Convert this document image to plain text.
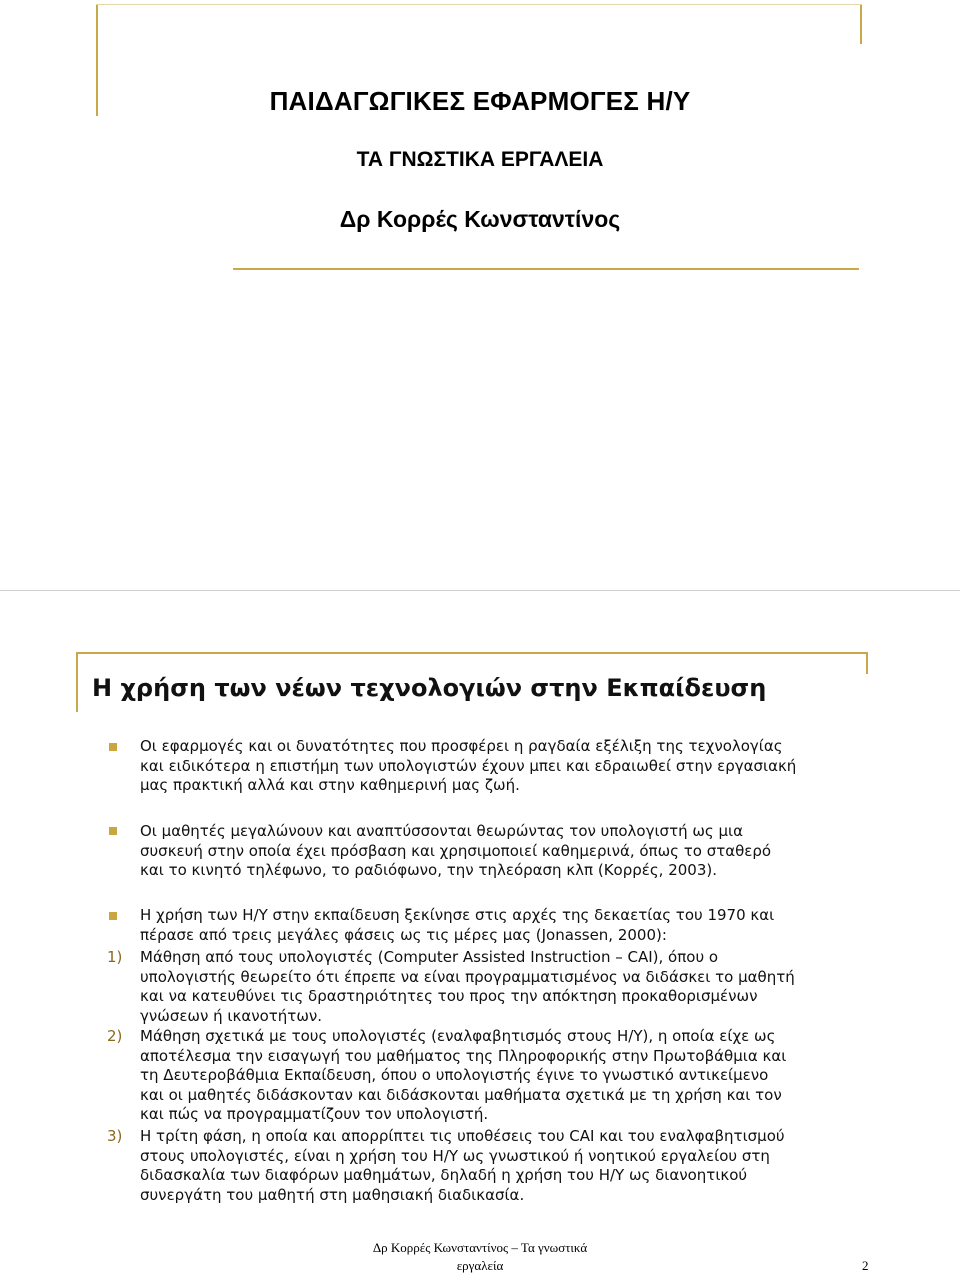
ΠΑΙΔΑΓΩΓΙΚΕΣ ΕΦΑΡΜΟΓΕΣ Η/Υ
ΤΑ ΓΝΩΣΤΙΚΑ ΕΡΓΑΛΕΙΑ
Δρ Κορρές Κωνσταντίνος
Η χρήση των νέων τεχνολογιών στην Εκπαίδευση
Οι εφαρμογές και οι δυνατότητες που προσφέρει η ραγδαία εξέλιξη της τεχνολογίας
και ειδικότερα η επιστήμη των υπολογιστών έχουν μπει και εδραιωθεί στην εργασιακή
μας πρακτική αλλά και στην καθημερινή μας ζωή.
Οι μαθητές μεγαλώνουν και αναπτύσσονται θεωρώντας τον υπολογιστή ως μια
συσκευή στην οποία έχει πρόσβαση και χρησιμοποιεί καθημερινά, όπως το σταθερό
και το κινητό τηλέφωνο, το ραδιόφωνο, την τηλεόραση κλπ (Κορρές, 2003).
Η χρήση των Η/Υ στην εκπαίδευση ξεκίνησε στις αρχές της δεκαετίας του 1970 και
πέρασε από τρεις μεγάλες φάσεις ως τις μέρες μας (Jonassen, 2000):
1) Μάθηση από τους υπολογιστές (Computer Assisted Instruction – CAI), όπου ο
υπολογιστής θεωρείτο ότι έπρεπε να είναι προγραμματισμένος να διδάσκει το μαθητή
και να κατευθύνει τις δραστηριότητες του προς την απόκτηση προκαθορισμένων
γνώσεων ή ικανοτήτων.
2) Μάθηση σχετικά με τους υπολογιστές (εναλφαβητισμός στους Η/Υ), η οποία είχε ως
αποτέλεσμα την εισαγωγή του μαθήματος της Πληροφορικής στην Πρωτοβάθμια και
τη Δευτεροβάθμια Εκπαίδευση, όπου ο υπολογιστής έγινε το γνωστικό αντικείμενο
και οι μαθητές διδάσκονταν και διδάσκονται μαθήματα σχετικά με τη χρήση και τον
και πώς να προγραμματίζουν τον υπολογιστή.
3) Η τρίτη φάση, η οποία και απορρίπτει τις υποθέσεις του CAI και του εναλφαβητισμού
στους υπολογιστές, είναι η χρήση του Η/Υ ως γνωστικού ή νοητικού εργαλείου στη
διδασκαλία των διαφόρων μαθημάτων, δηλαδή η χρήση του Η/Υ ως διανοητικού
συνεργάτη του μαθητή στη μαθησιακή διαδικασία.
Δρ Κορρές Κωνσταντίνος – Τα γνωστικά
εργαλεία	2
